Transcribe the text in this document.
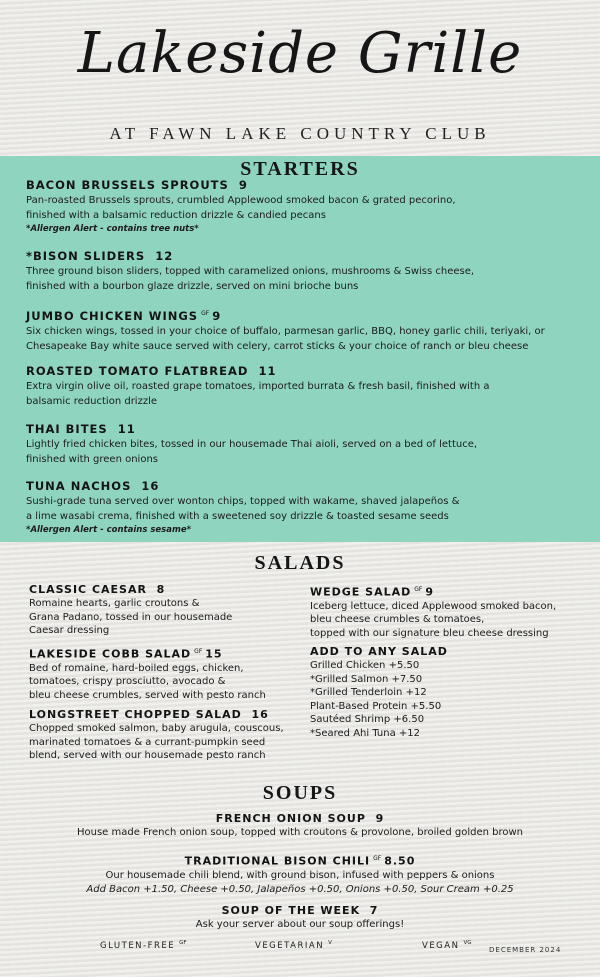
Lakeside Grille
AT FAWN LAKE COUNTRY CLUB
STARTERS
BACON BRUSSELS SPROUTS 9
Pan-roasted Brussels sprouts, crumbled Applewood smoked bacon & grated pecorino,
finished with a balsamic reduction drizzle & candied pecans
*Allergen Alert - contains tree nuts*
*BISON SLIDERS 12
Three ground bison sliders, topped with caramelized onions, mushrooms & Swiss cheese,
finished with a bourbon glaze drizzle, served on mini brioche buns
JUMBO CHICKEN WINGS $^{GF}$ 9
Six chicken wings, tossed in your choice of buffalo, parmesan garlic, BBQ, honey garlic chili, teriyaki, or
Chesapeake Bay white sauce served with celery, carrot sticks & your choice of ranch or bleu cheese
ROASTED TOMATO FLATBREAD 11
Extra virgin olive oil, roasted grape tomatoes, imported burrata & fresh basil, finished with a
balsamic reduction drizzle
THAI BITES 11
Lightly fried chicken bites, tossed in our housemade Thai aioli, served on a bed of lettuce,
finished with green onions
TUNA NACHOS 16
Sushi-grade tuna served over wonton chips, topped with wakame, shaved jalapeños &
a lime wasabi crema, finished with a sweetened soy drizzle & toasted sesame seeds
*Allergen Alert - contains sesame*
SALADS
CLASSIC CAESAR 8
Romaine hearts, garlic croutons &
Grana Padano, tossed in our housemade
Caesar dressing
LAKESIDE COBB SALAD $^{GF}$ 15
Bed of romaine, hard-boiled eggs, chicken,
tomatoes, crispy prosciutto, avocado &
bleu cheese crumbles, served with pesto ranch
LONGSTREET CHOPPED SALAD 16
Chopped smoked salmon, baby arugula, couscous,
marinated tomatoes & a currant-pumpkin seed
blend, served with our housemade pesto ranch
WEDGE SALAD $^{GF}$ 9
Iceberg lettuce, diced Applewood smoked bacon,
bleu cheese crumbles & tomatoes,
topped with our signature bleu cheese dressing
ADD TO ANY SALAD
Grilled Chicken +5.50
*Grilled Salmon +7.50
*Grilled Tenderloin +12
Plant-Based Protein +5.50
Sautéed Shrimp +6.50
*Seared Ahi Tuna +12
SOUPS
FRENCH ONION SOUP 9
House made French onion soup, topped with croutons & provolone, broiled golden brown
TRADITIONAL BISON CHILI $^{GF}$ 8.50
Our housemade chili blend, with ground bison, infused with peppers & onions
Add Bacon +1.50, Cheese +0.50, Jalapeños +0.50, Onions +0.50, Sour Cream +0.25
SOUP OF THE WEEK 7
Ask your server about our soup offerings!
GLUTEN-FREE $^{GF}$	VEGETARIAN $^V$	VEGAN $^{VG}$
DECEMBER 2024
